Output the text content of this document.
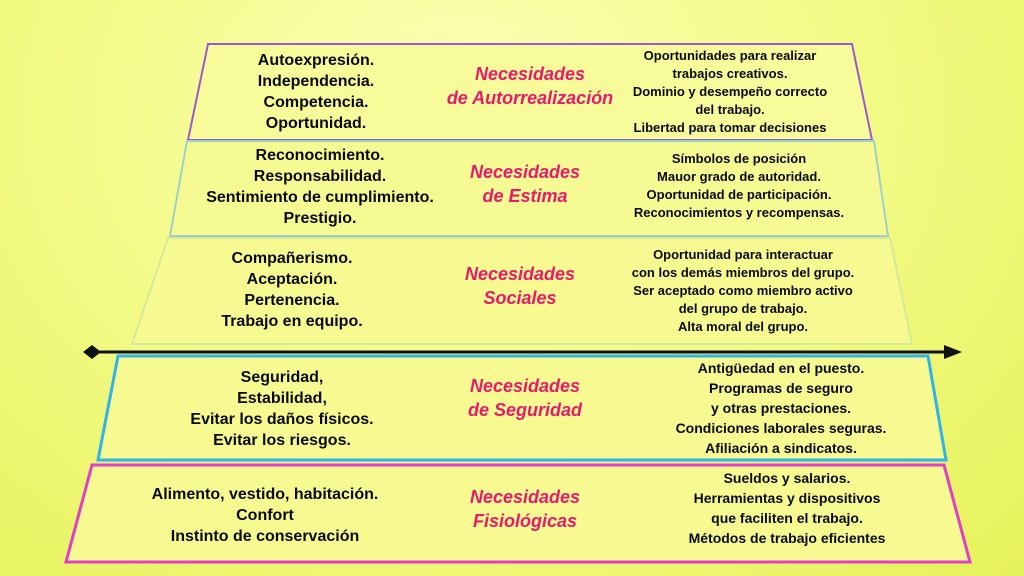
Autoexpresión.
Independencia.
Competencia.
Oportunidad.
Necesidades
de Autorrealización
Oportunidades para realizar
trabajos creativos.
Dominio y desempeño correcto
del trabajo.
Libertad para tomar decisiones
Reconocimiento.
Responsabilidad.
Sentimiento de cumplimiento.
Prestigio.
Necesidades
de Estima
Símbolos de posición
Mauor grado de autoridad.
Oportunidad de participación.
Reconocimientos y recompensas.
Compañerismo.
Aceptación.
Pertenencia.
Trabajo en equipo.
Necesidades
Sociales
Oportunidad para interactuar
con los demás miembros del grupo.
Ser aceptado como miembro activo
del grupo de trabajo.
Alta moral del grupo.
Seguridad,
Estabilidad,
Evitar los daños físicos.
Evitar los riesgos.
Necesidades
de Seguridad
Antigüedad en el puesto.
Programas de seguro
y otras prestaciones.
Condiciones laborales seguras.
Afiliación a sindicatos.
Alimento, vestido, habitación.
Confort
Instinto de conservación
Necesidades
Fisiológicas
Sueldos y salarios.
Herramientas y dispositivos
que faciliten el trabajo.
Métodos de trabajo eficientes
